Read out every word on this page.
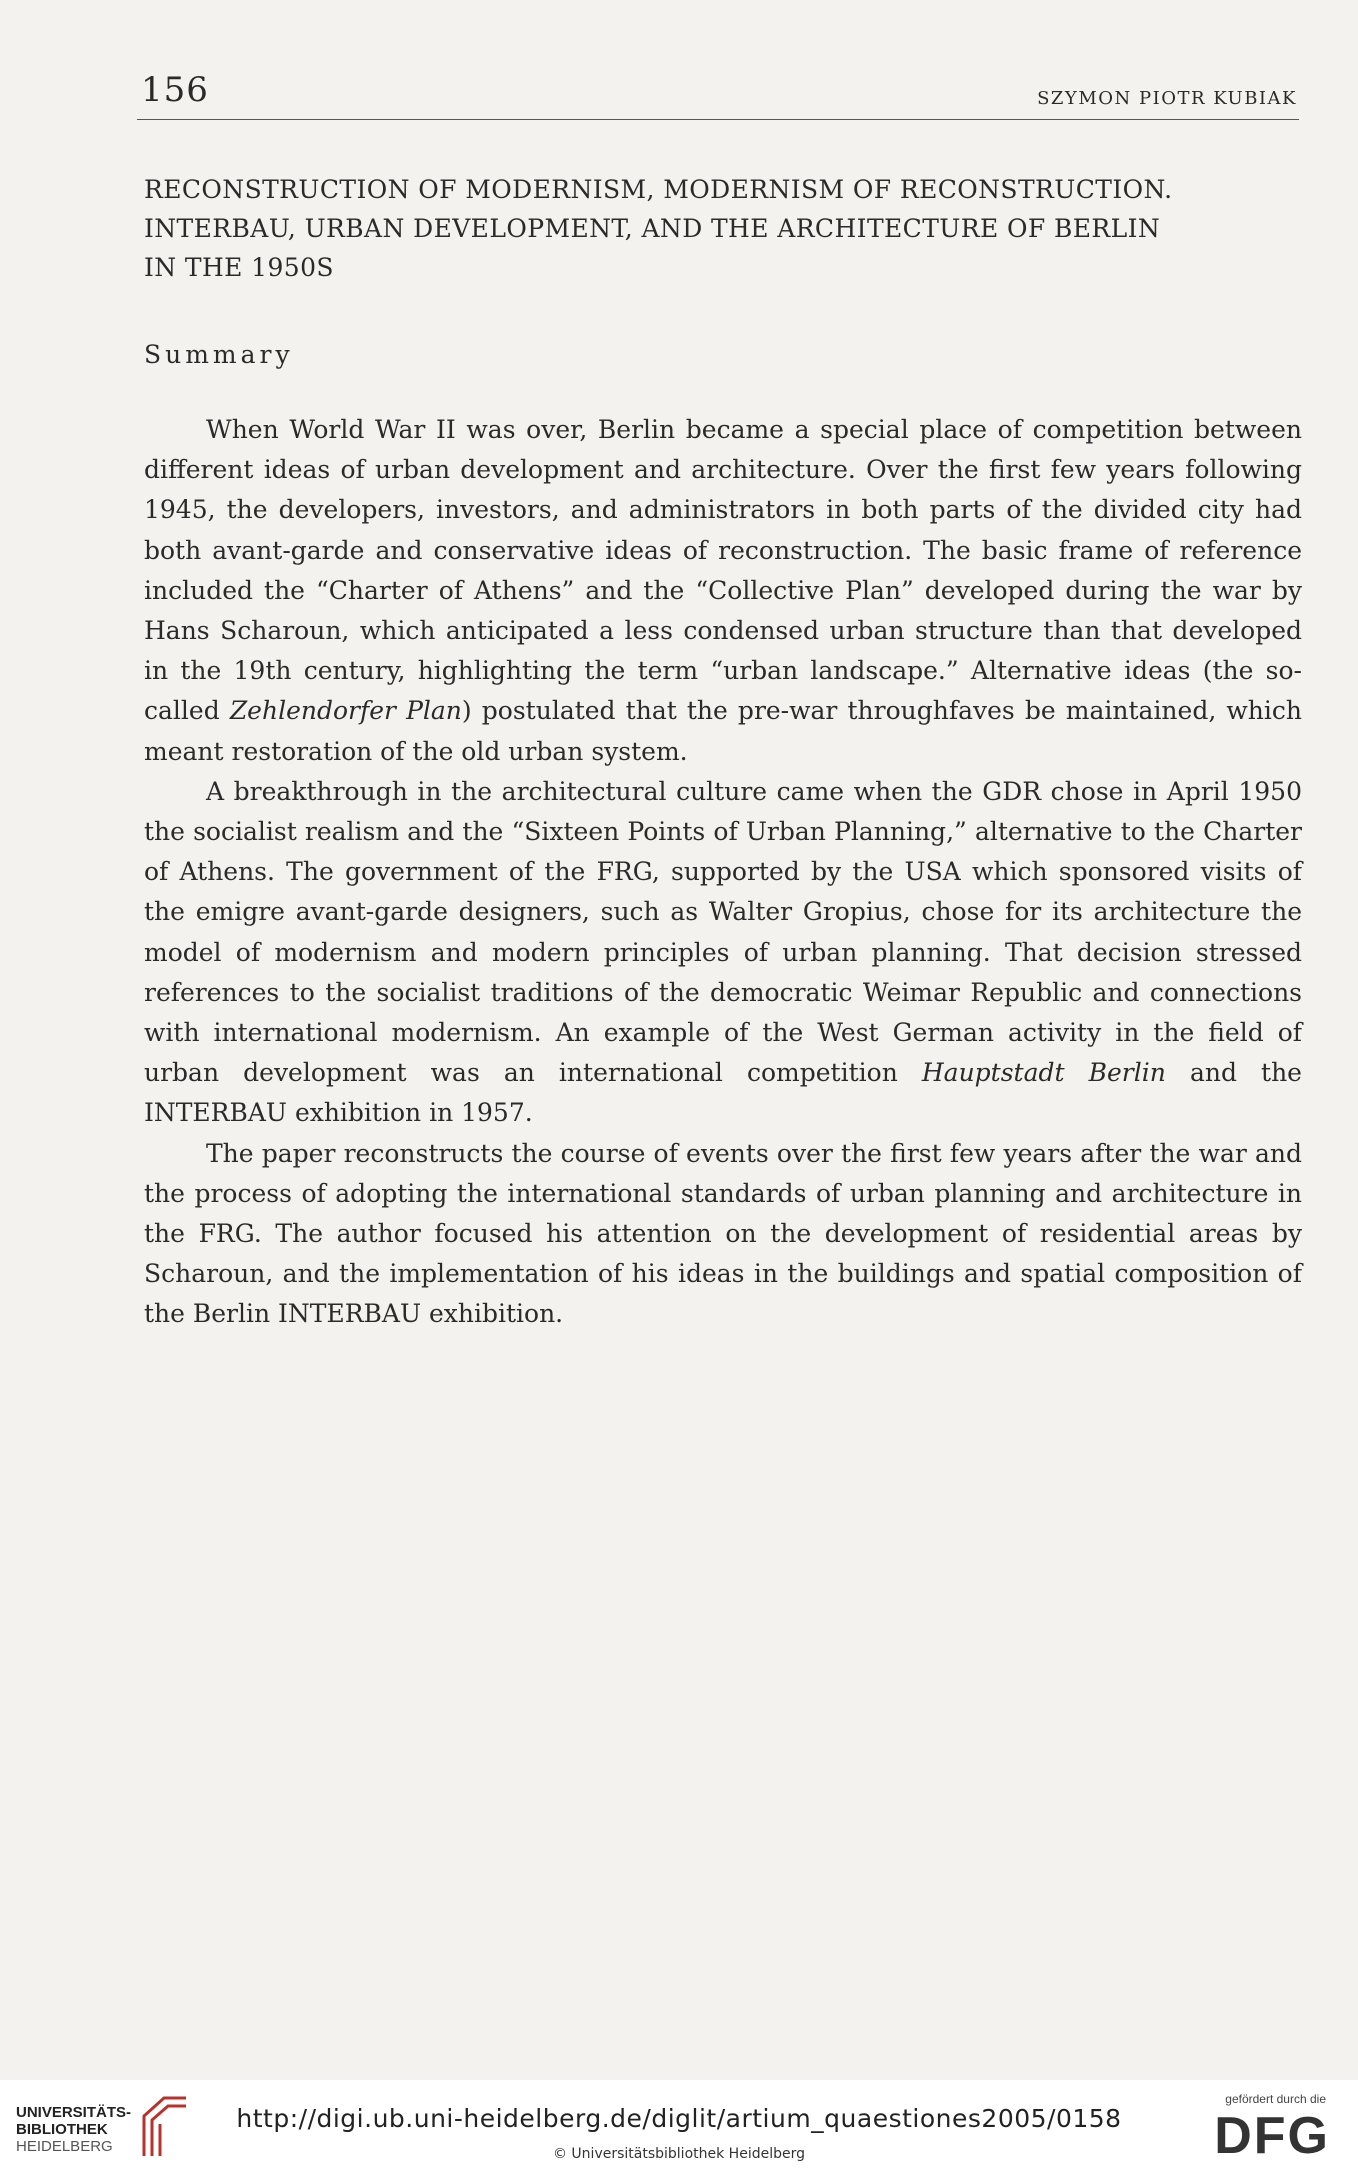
156	SZYMON PIOTR KUBIAK
RECONSTRUCTION OF MODERNISM, MODERNISM OF RECONSTRUCTION.
INTERBAU, URBAN DEVELOPMENT, AND THE ARCHITECTURE OF BERLIN
IN THE 1950S
Summary

When World War II was over, Berlin became a special place of competition between different ideas of urban development and architecture. Over the first few years following 1945, the developers, investors, and administrators in both parts of the divided city had both avant-garde and conservative ideas of reconstruction. The basic frame of reference included the “Charter of Athens” and the “Collective Plan” developed during the war by Hans Scharoun, which anticipated a less condensed urban structure than that developed in the 19th century, highlighting the term “urban landscape.” Alternative ideas (the so-called Zehlendorfer Plan) postulated that the pre-war throughfaves be maintained, which meant restoration of the old urban system.

A breakthrough in the architectural culture came when the GDR chose in April 1950 the socialist realism and the “Sixteen Points of Urban Planning,” alternative to the Charter of Athens. The government of the FRG, supported by the USA which sponsored visits of the emigre avant-garde designers, such as Walter Gropius, chose for its architecture the model of modernism and modern principles of urban planning. That decision stressed references to the socialist traditions of the democratic Weimar Republic and connections with international modernism. An example of the West German activity in the field of urban development was an international competition Hauptstadt Berlin and the INTERBAU exhibition in 1957.

The paper reconstructs the course of events over the first few years after the war and the process of adopting the international standards of urban planning and architecture in the FRG. The author focused his attention on the development of residential areas by Scharoun, and the implementation of his ideas in the buildings and spatial composition of the Berlin INTERBAU exhibition.

UNIVERSITÄTS-
BIBLIOTHEK
HEIDELBERG
http://digi.ub.uni-heidelberg.de/diglit/artium_quaestiones2005/0158
© Universitätsbibliothek Heidelberg
gefördert durch die
DFG
